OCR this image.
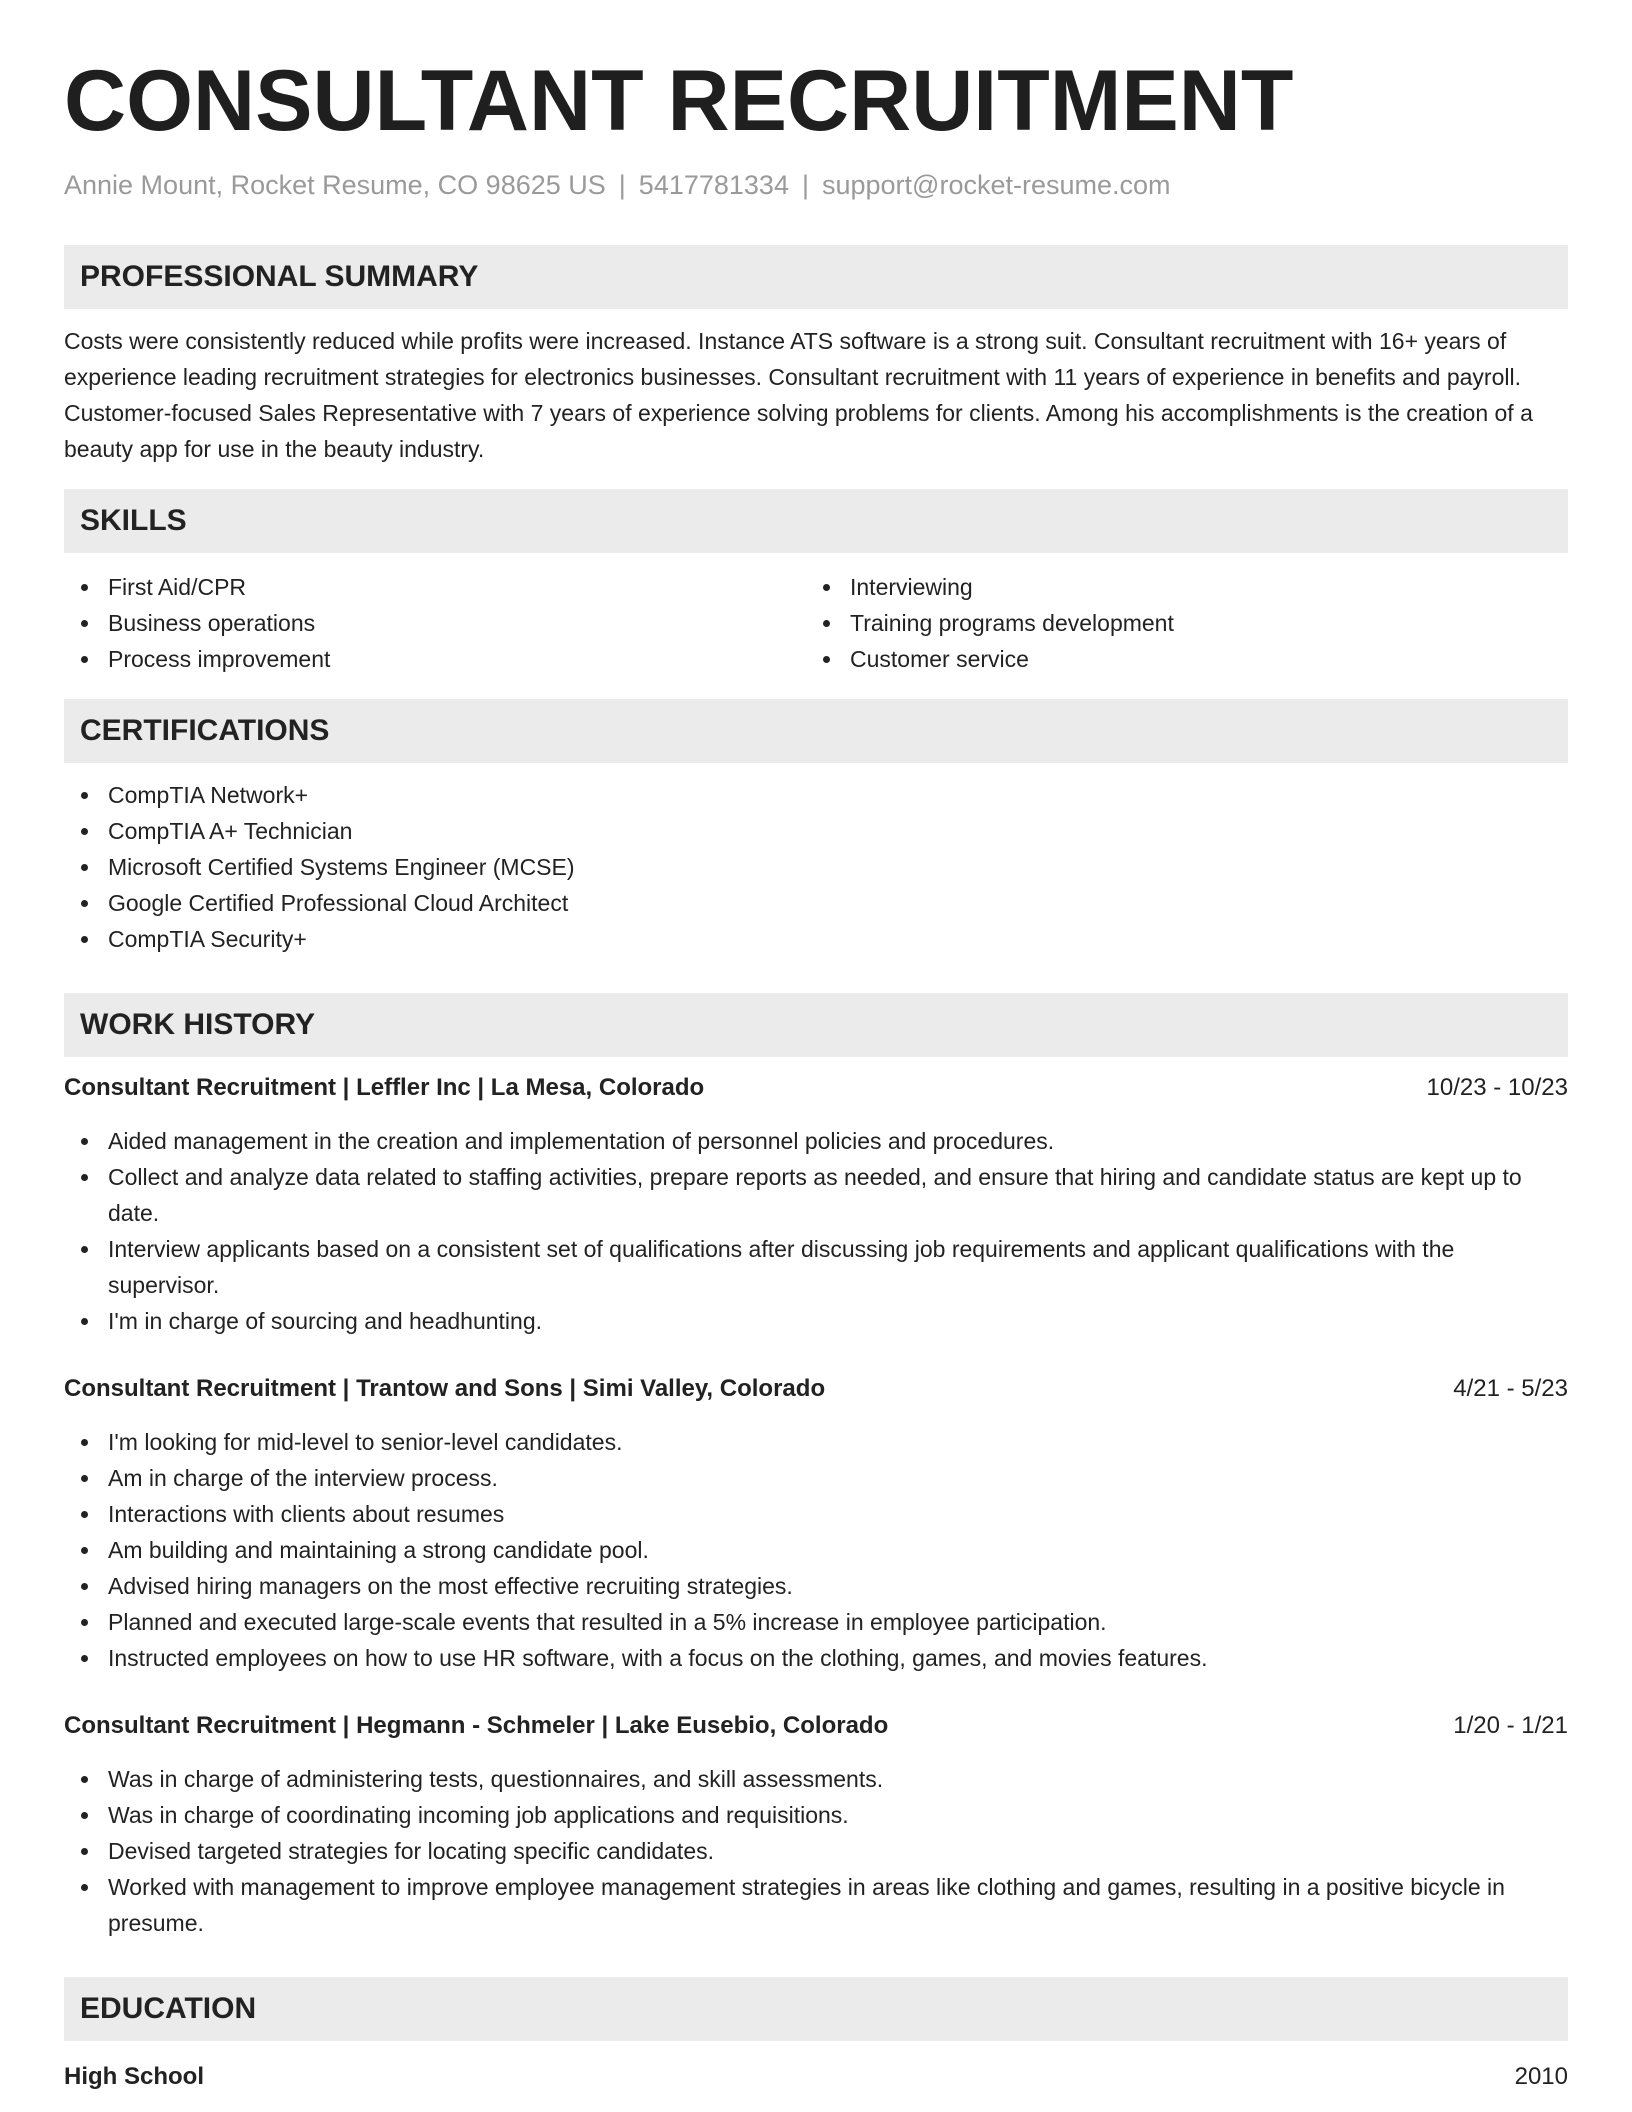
CONSULTANT RECRUITMENT
Annie Mount, Rocket Resume, CO 98625 US | 5417781334 | support@rocket-resume.com
PROFESSIONAL SUMMARY
Costs were consistently reduced while profits were increased. Instance ATS software is a strong suit. Consultant recruitment with 16+ years of experience leading recruitment strategies for electronics businesses. Consultant recruitment with 11 years of experience in benefits and payroll. Customer-focused Sales Representative with 7 years of experience solving problems for clients. Among his accomplishments is the creation of a beauty app for use in the beauty industry.
SKILLS
First Aid/CPR
Business operations
Process improvement
Interviewing
Training programs development
Customer service
CERTIFICATIONS
CompTIA Network+
CompTIA A+ Technician
Microsoft Certified Systems Engineer (MCSE)
Google Certified Professional Cloud Architect
CompTIA Security+
WORK HISTORY
Consultant Recruitment | Leffler Inc | La Mesa, Colorado	10/23 - 10/23
Aided management in the creation and implementation of personnel policies and procedures.
Collect and analyze data related to staffing activities, prepare reports as needed, and ensure that hiring and candidate status are kept up to date.
Interview applicants based on a consistent set of qualifications after discussing job requirements and applicant qualifications with the supervisor.
I'm in charge of sourcing and headhunting.
Consultant Recruitment | Trantow and Sons | Simi Valley, Colorado	4/21 - 5/23
I'm looking for mid-level to senior-level candidates.
Am in charge of the interview process.
Interactions with clients about resumes
Am building and maintaining a strong candidate pool.
Advised hiring managers on the most effective recruiting strategies.
Planned and executed large-scale events that resulted in a 5% increase in employee participation.
Instructed employees on how to use HR software, with a focus on the clothing, games, and movies features.
Consultant Recruitment | Hegmann - Schmeler | Lake Eusebio, Colorado	1/20 - 1/21
Was in charge of administering tests, questionnaires, and skill assessments.
Was in charge of coordinating incoming job applications and requisitions.
Devised targeted strategies for locating specific candidates.
Worked with management to improve employee management strategies in areas like clothing and games, resulting in a positive bicycle in presume.
EDUCATION
High School	2010
